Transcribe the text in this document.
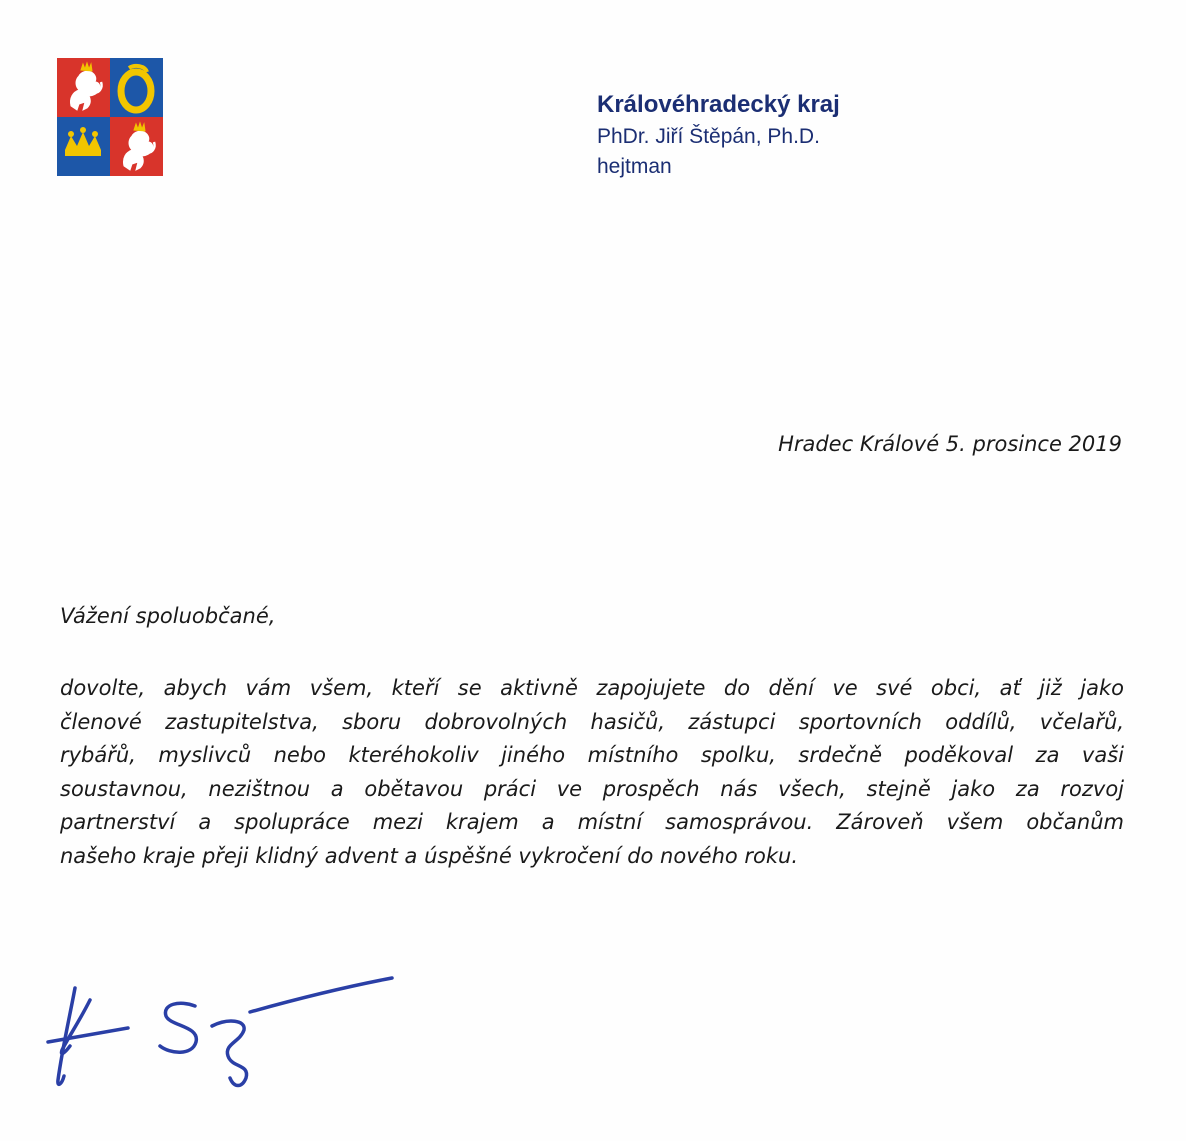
Královéhradecký kraj
PhDr. Jiří Štěpán, Ph.D.
hejtman
Hradec Králové 5. prosince 2019
Vážení spoluobčané,
dovolte, abych vám všem, kteří se aktivně zapojujete do dění ve své obci, ať již jako
členové zastupitelstva, sboru dobrovolných hasičů, zástupci sportovních oddílů, včelařů,
rybářů, myslivců nebo kteréhokoliv jiného místního spolku, srdečně poděkoval za vaši
soustavnou, nezištnou a obětavou práci ve prospěch nás všech, stejně jako za rozvoj
partnerství a spolupráce mezi krajem a místní samosprávou. Zároveň všem občanům
našeho kraje přeji klidný advent a úspěšné vykročení do nového roku.
